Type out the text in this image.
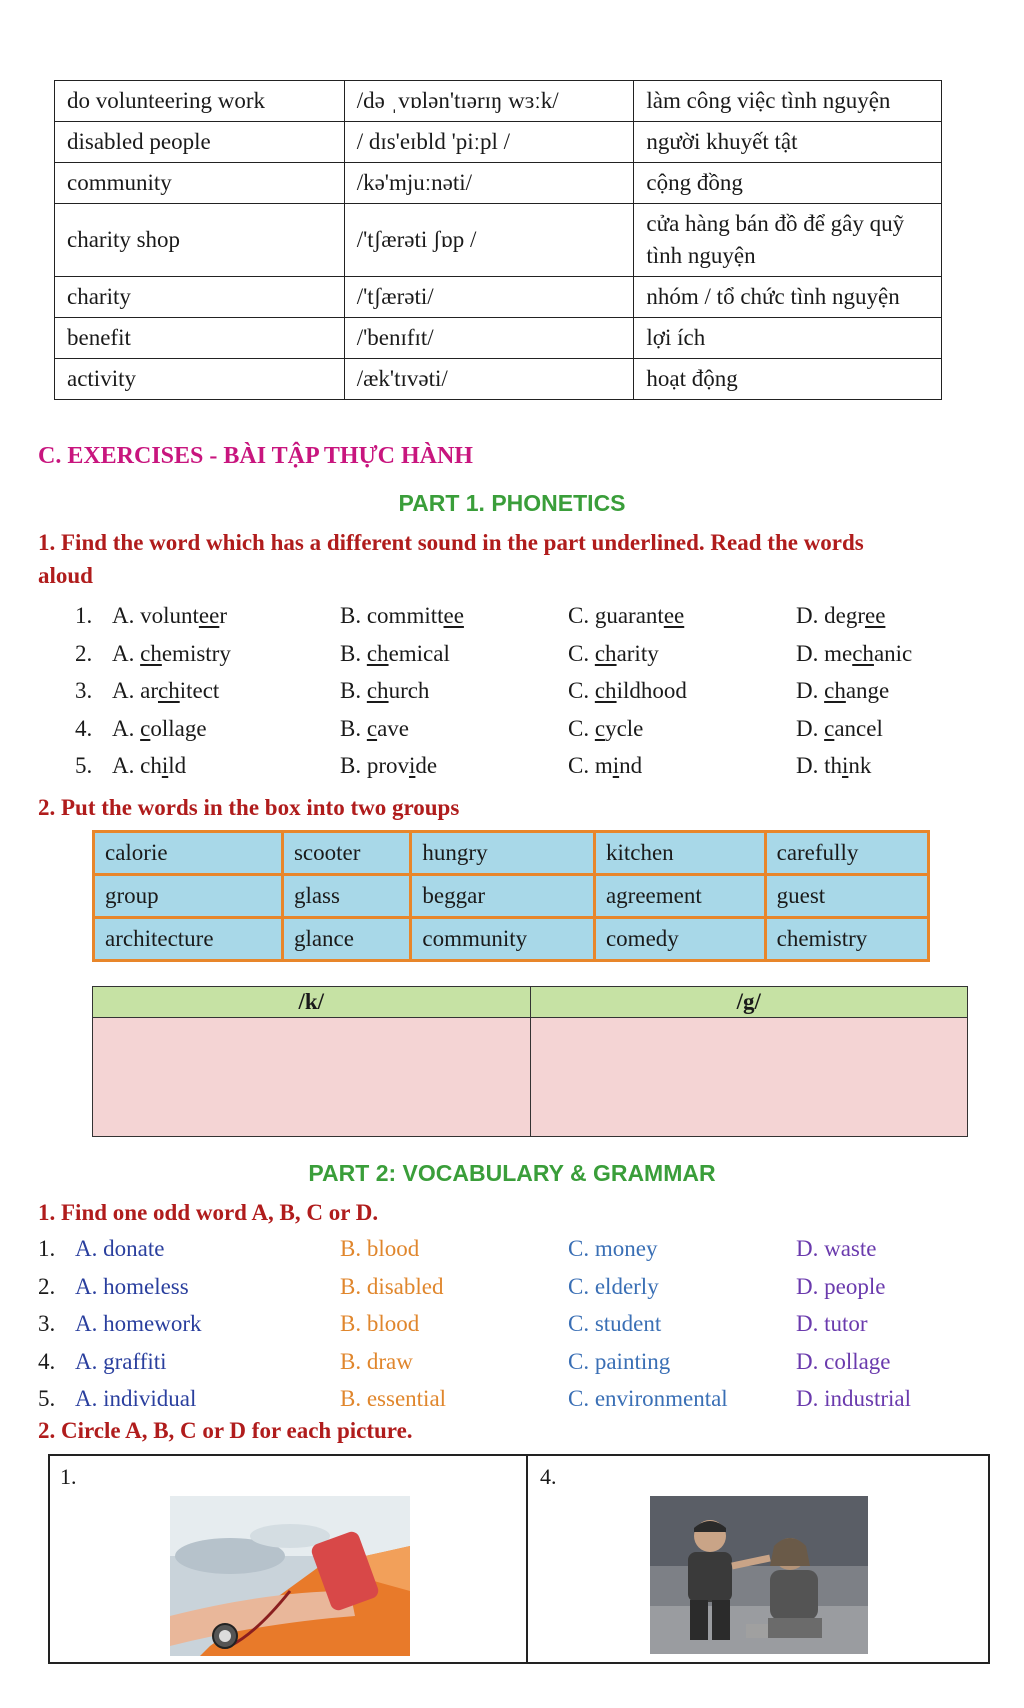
do volunteering work	/də ˌvɒlən'tɪərɪŋ wɜːk/	làm công việc tình nguyện
disabled people	/ dɪs'eɪbld 'piːpl /	người khuyết tật
community	/kə'mjuːnəti/	cộng đồng
charity shop	/'tʃærəti ʃɒp /	cửa hàng bán đồ để gây quỹ
tình nguyện

charity	/'tʃærəti/	nhóm / tổ chức tình nguyện
benefit	/'benɪfɪt/	lợi ích
activity	/æk'tɪvəti/	hoạt động
C. EXERCISES - BÀI TẬP THỰC HÀNH
PART 1. PHONETICS
1. Find the word which has a different sound in the part underlined. Read the words
aloud
1. A. volunteer	B. committee	C. guarantee	D. degree
2. A. chemistry	B. chemical	C. charity	D. mechanic
3. A. architect	B. church	C. childhood	D. change
4. A. collage	B. cave	C. cycle	D. cancel
5. A. child	B. provide	C. mind	D. think
2. Put the words in the box into two groups
calorie	scooter	hungry	kitchen	carefully
group	glass	beggar	agreement	guest
architecture	glance	community	comedy	chemistry
/k/	/g/

PART 2: VOCABULARY & GRAMMAR
1. Find one odd word A, B, C or D.
1. A. donate	B. blood	C. money	D. waste
2. A. homeless	B. disabled	C. elderly	D. people
3. A. homework	B. blood	C. student	D. tutor
4. A. graffiti	B. draw	C. painting	D. collage
5. A. individual	B. essential	C. environmental	D. industrial
2. Circle A, B, C or D for each picture.
1.	4.
